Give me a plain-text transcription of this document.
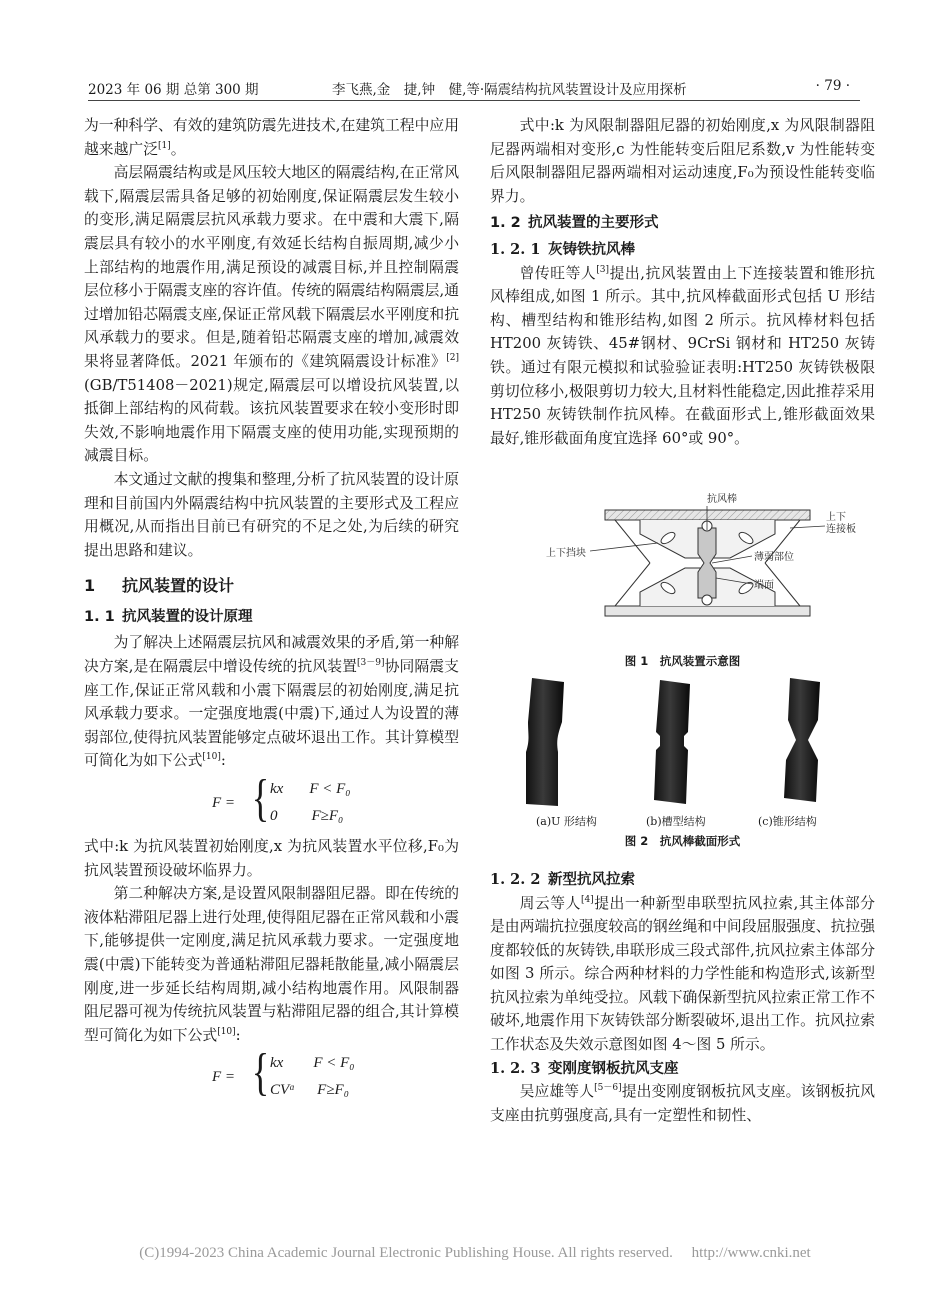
2023 年 06 期 总第 300 期	李飞燕,金　捷,钟　健,等·隔震结构抗风装置设计及应用探析	· 79 ·

为一种科学、有效的建筑防震先进技术,在建筑工程中应用越来越广泛[1]。

高层隔震结构或是风压较大地区的隔震结构,在正常风载下,隔震层需具备足够的初始刚度,保证隔震层发生较小的变形,满足隔震层抗风承载力要求。在中震和大震下,隔震层具有较小的水平刚度,有效延长结构自振周期,减少小上部结构的地震作用,满足预设的减震目标,并且控制隔震层位移小于隔震支座的容许值。传统的隔震结构隔震层,通过增加铅芯隔震支座,保证正常风载下隔震层水平刚度和抗风承载力的要求。但是,随着铅芯隔震支座的增加,减震效果将显著降低。2021 年颁布的《建筑隔震设计标准》[2](GB/T51408－2021)规定,隔震层可以增设抗风装置,以抵御上部结构的风荷载。该抗风装置要求在较小变形时即失效,不影响地震作用下隔震支座的使用功能,实现预期的减震目标。

本文通过文献的搜集和整理,分析了抗风装置的设计原理和目前国内外隔震结构中抗风装置的主要形式及工程应用概况,从而指出目前已有研究的不足之处,为后续的研究提出思路和建议。

1 抗风装置的设计
1. 1 抗风装置的设计原理

为了解决上述隔震层抗风和减震效果的矛盾,第一种解决方案,是在隔震层中增设传统的抗风装置[3－9]协同隔震支座工作,保证正常风载和小震下隔震层的初始刚度,满足抗风承载力要求。一定强度地震(中震)下,通过人为设置的薄弱部位,使得抗风装置能够定点破坏退出工作。其计算模型可简化为如下公式[10]:

F = { kx F < F₀
0 F≥F₀

式中:k 为抗风装置初始刚度,x 为抗风装置水平位移,F₀为抗风装置预设破坏临界力。

第二种解决方案,是设置风限制器阻尼器。即在传统的液体粘滞阻尼器上进行处理,使得阻尼器在正常风载和小震下,能够提供一定刚度,满足抗风承载力要求。一定强度地震(中震)下能转变为普通粘滞阻尼器耗散能量,减小隔震层刚度,进一步延长结构周期,减小结构地震作用。风限制器阻尼器可视为传统抗风装置与粘滞阻尼器的组合,其计算模型可简化为如下公式[10]:

F = { kx F < F₀
CVᵅ F≥F₀

式中:k 为风限制器阻尼器的初始刚度,x 为风限制器阻尼器两端相对变形,c 为性能转变后阻尼系数,v 为性能转变后风限制器阻尼器两端相对运动速度,F₀为预设性能转变临界力。

1. 2 抗风装置的主要形式
1. 2. 1 灰铸铁抗风棒

曾传旺等人[3]提出,抗风装置由上下连接装置和锥形抗风棒组成,如图 1 所示。其中,抗风棒截面形式包括 U 形结构、槽型结构和锥形结构,如图 2 所示。抗风棒材料包括 HT200 灰铸铁、45#钢材、9CrSi 钢材和 HT250 灰铸铁。通过有限元模拟和试验验证表明:HT250 灰铸铁极限剪切位移小,极限剪切力较大,且材料性能稳定,因此推荐采用 HT250 灰铸铁制作抗风棒。在截面形式上,锥形截面效果最好,锥形截面角度宜选择 60°或 90°。

抗风棒
上下挡块	薄弱部位
上下
连接板
端面
图 1　抗风装置示意图
(a)U 形结构	(b)槽型结构	(c)锥形结构
图 2　抗风棒截面形式
1. 2. 2 新型抗风拉索

周云等人[4]提出一种新型串联型抗风拉索,其主体部分是由两端抗拉强度较高的钢丝绳和中间段屈服强度、抗拉强度都较低的灰铸铁,串联形成三段式部件,抗风拉索主体部分如图 3 所示。综合两种材料的力学性能和构造形式,该新型抗风拉索为单纯受拉。风载下确保新型抗风拉索正常工作不破坏,地震作用下灰铸铁部分断裂破坏,退出工作。抗风拉索工作状态及失效示意图如图 4～图 5 所示。

1. 2. 3 变刚度钢板抗风支座

吴应雄等人[5－6]提出变刚度钢板抗风支座。该钢板抗风支座由抗剪强度高,具有一定塑性和韧性、

(C)1994-2023 China Academic Journal Electronic Publishing House. All rights reserved.　 http://www.cnki.net
